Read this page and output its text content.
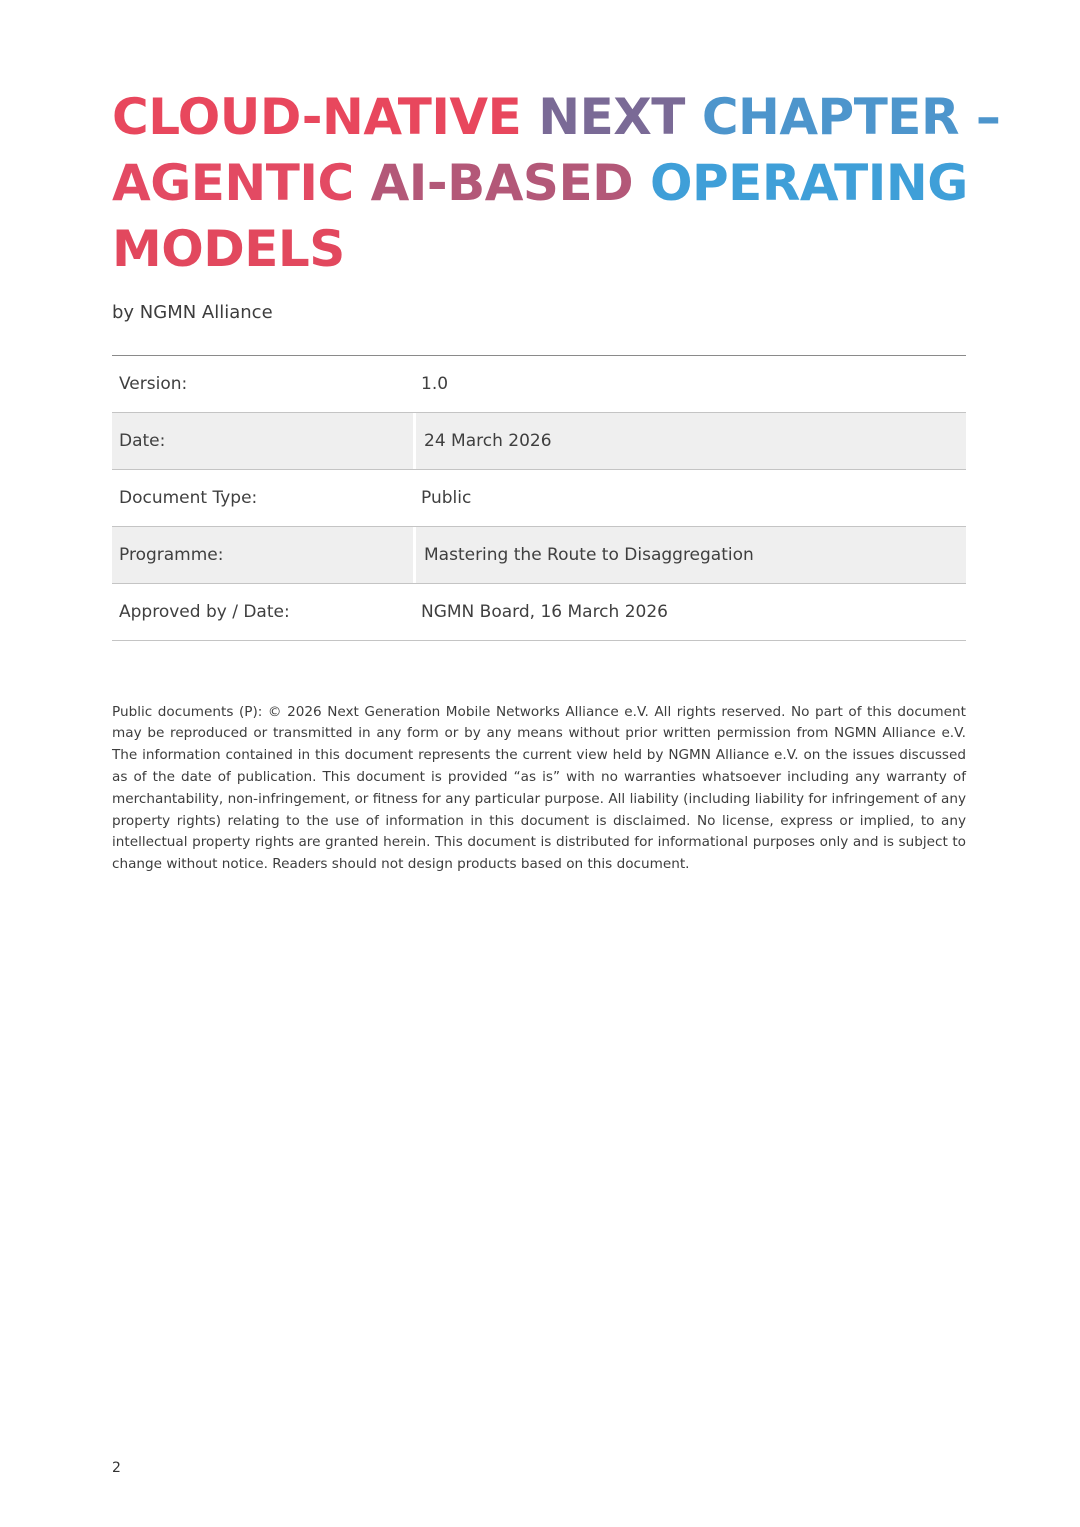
CLOUD-NATIVE NEXT CHAPTER –
AGENTIC AI-BASED OPERATING
MODELS
by NGMN Alliance
Version:	1.0
Date:	24 March 2026
Document Type:	Public
Programme:	Mastering the Route to Disaggregation
Approved by / Date:	NGMN Board, 16 March 2026

Public documents (P): © 2026 Next Generation Mobile Networks Alliance e.V. All rights reserved. No part of this document may be reproduced or transmitted in any form or by any means without prior written permission from NGMN Alliance e.V. The information contained in this document represents the current view held by NGMN Alliance e.V. on the issues discussed as of the date of publication. This document is provided “as is” with no warranties whatsoever including any warranty of merchantability, non-infringement, or fitness for any particular purpose. All liability (including liability for infringement of any property rights) relating to the use of information in this document is disclaimed. No license, express or implied, to any intellectual property rights are granted herein. This document is distributed for informational purposes only and is subject to change without notice. Readers should not design products based on this document.

2
